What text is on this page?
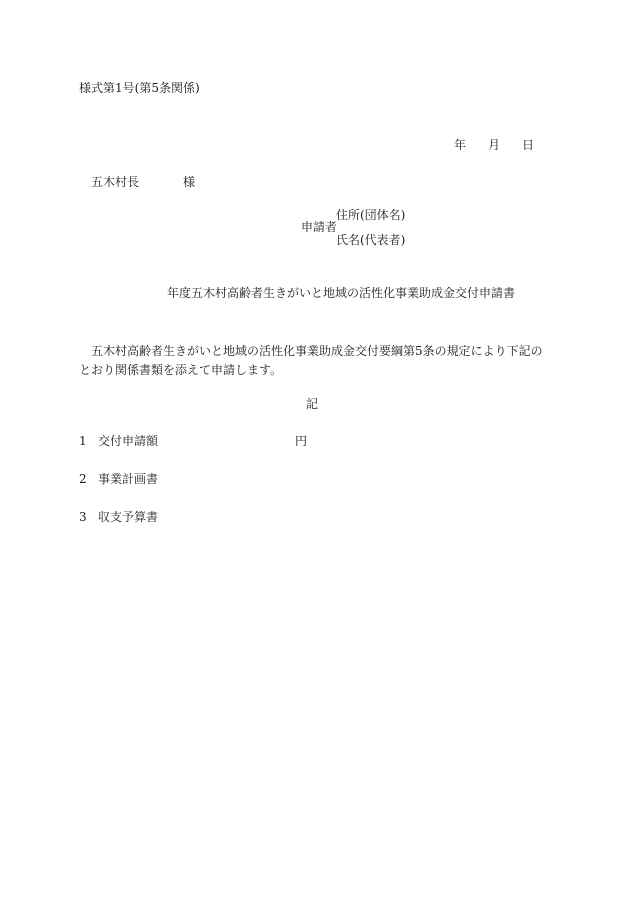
様式第1号(第5条関係)
年 月 日
五木村長	様
申請者
住所(団体名)
氏名(代表者)
年度五木村高齢者生きがいと地域の活性化事業助成金交付申請書
五木村高齢者生きがいと地域の活性化事業助成金交付要綱第5条の規定により下記のとおり関係書類を添えて申請します。
記
1 交付申請額	円
2 事業計画書
3 収支予算書
